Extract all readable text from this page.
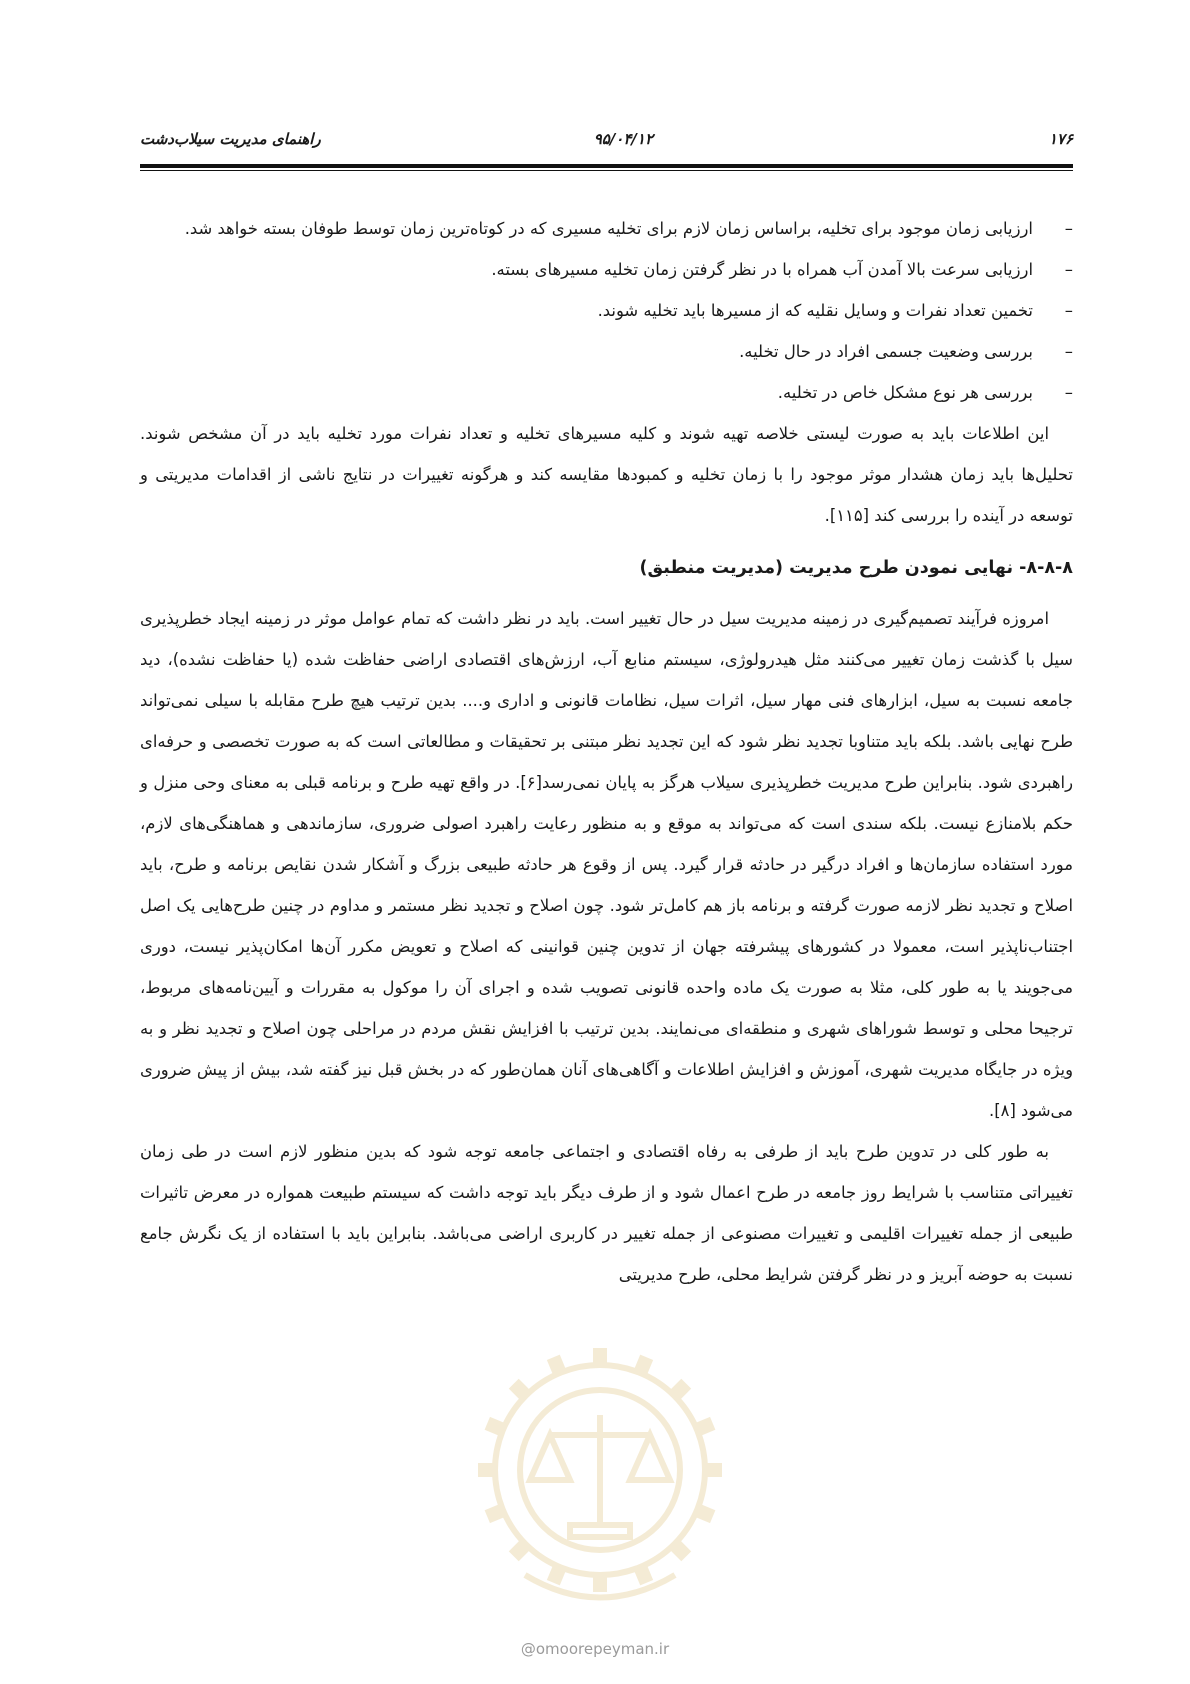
۱۷۶
۹۵/۰۴/۱۲
راهنمای مدیریت سیلاب‌دشت
–
ارزیابی زمان موجود برای تخلیه، براساس زمان لازم برای تخلیه مسیری که در کوتاه‌ترین زمان توسط طوفان بسته خواهد شد.
–
ارزیابی سرعت بالا آمدن آب همراه با در نظر گرفتن زمان تخلیه مسیرهای بسته.
–
تخمین تعداد نفرات و وسایل نقلیه که از مسیرها باید تخلیه شوند.
–
بررسی وضعیت جسمی افراد در حال تخلیه.
–
بررسی هر نوع مشکل خاص در تخلیه.

این اطلاعات باید به صورت لیستی خلاصه تهیه شوند و کلیه مسیرهای تخلیه و تعداد نفرات مورد تخلیه باید در آن مشخص شوند. تحلیل‌ها باید زمان هشدار موثر موجود را با زمان تخلیه و کمبودها مقایسه کند و هرگونه تغییرات در نتایج ناشی از اقدامات مدیریتی و توسعه در آینده را بررسی کند [۱۱۵].

۸-۸-۸- نهایی نمودن طرح مدیریت (مدیریت منطبق)

امروزه فرآیند تصمیم‌گیری در زمینه مدیریت سیل در حال تغییر است. باید در نظر داشت که تمام عوامل موثر در زمینه ایجاد خطرپذیری سیل با گذشت زمان تغییر می‌کنند مثل هیدرولوژی، سیستم منابع آب، ارزش‌های اقتصادی اراضی حفاظت شده (یا حفاظت نشده)، دید جامعه نسبت به سیل، ابزارهای فنی مهار سیل، اثرات سیل، نظامات قانونی و اداری و.... بدین ترتیب هیچ طرح مقابله با سیلی نمی‌تواند طرح نهایی باشد. بلکه باید متناوبا تجدید نظر شود که این تجدید نظر مبتنی بر تحقیقات و مطالعاتی است که به صورت تخصصی و حرفه‌ای راهبردی شود. بنابراین طرح مدیریت خطرپذیری سیلاب هرگز به پایان نمی‌رسد[۶]. در واقع تهیه طرح و برنامه قبلی به معنای وحی منزل و حکم بلامنازع نیست. بلکه سندی است که می‌تواند به موقع و به منظور رعایت راهبرد اصولی ضروری، سازماندهی و هماهنگی‌های لازم، مورد استفاده سازمان‌ها و افراد درگیر در حادثه قرار گیرد. پس از وقوع هر حادثه طبیعی بزرگ و آشکار شدن نقایص برنامه و طرح، باید اصلاح و تجدید نظر لازمه صورت گرفته و برنامه باز هم کامل‌تر شود. چون اصلاح و تجدید نظر مستمر و مداوم در چنین طرح‌هایی یک اصل اجتناب‌ناپذیر است، معمولا در کشورهای پیشرفته جهان از تدوین چنین قوانینی که اصلاح و تعویض مکرر آن‌ها امکان‌پذیر نیست، دوری می‌جویند یا به طور کلی، مثلا به صورت یک ماده واحده قانونی تصویب شده و اجرای آن را موکول به مقررات و آیین‌نامه‌های مربوط، ترجیحا محلی و توسط شوراهای شهری و منطقه‌ای می‌نمایند. بدین ترتیب با افزایش نقش مردم در مراحلی چون اصلاح و تجدید نظر و به ویژه در جایگاه مدیریت شهری، آموزش و افزایش اطلاعات و آگاهی‌های آنان همان‌طور که در بخش قبل نیز گفته شد، بیش از پیش ضروری می‌شود [۸].

به طور کلی در تدوین طرح باید از طرفی به رفاه اقتصادی و اجتماعی جامعه توجه شود که بدین منظور لازم است در طی زمان تغییراتی متناسب با شرایط روز جامعه در طرح اعمال شود و از طرف دیگر باید توجه داشت که سیستم طبیعت همواره در معرض تاثیرات طبیعی از جمله تغییرات اقلیمی و تغییرات مصنوعی از جمله تغییر در کاربری اراضی می‌باشد. بنابراین باید با استفاده از یک نگرش جامع نسبت به حوضه آبریز و در نظر گرفتن شرایط محلی، طرح مدیریتی

@omoorepeyman.ir
